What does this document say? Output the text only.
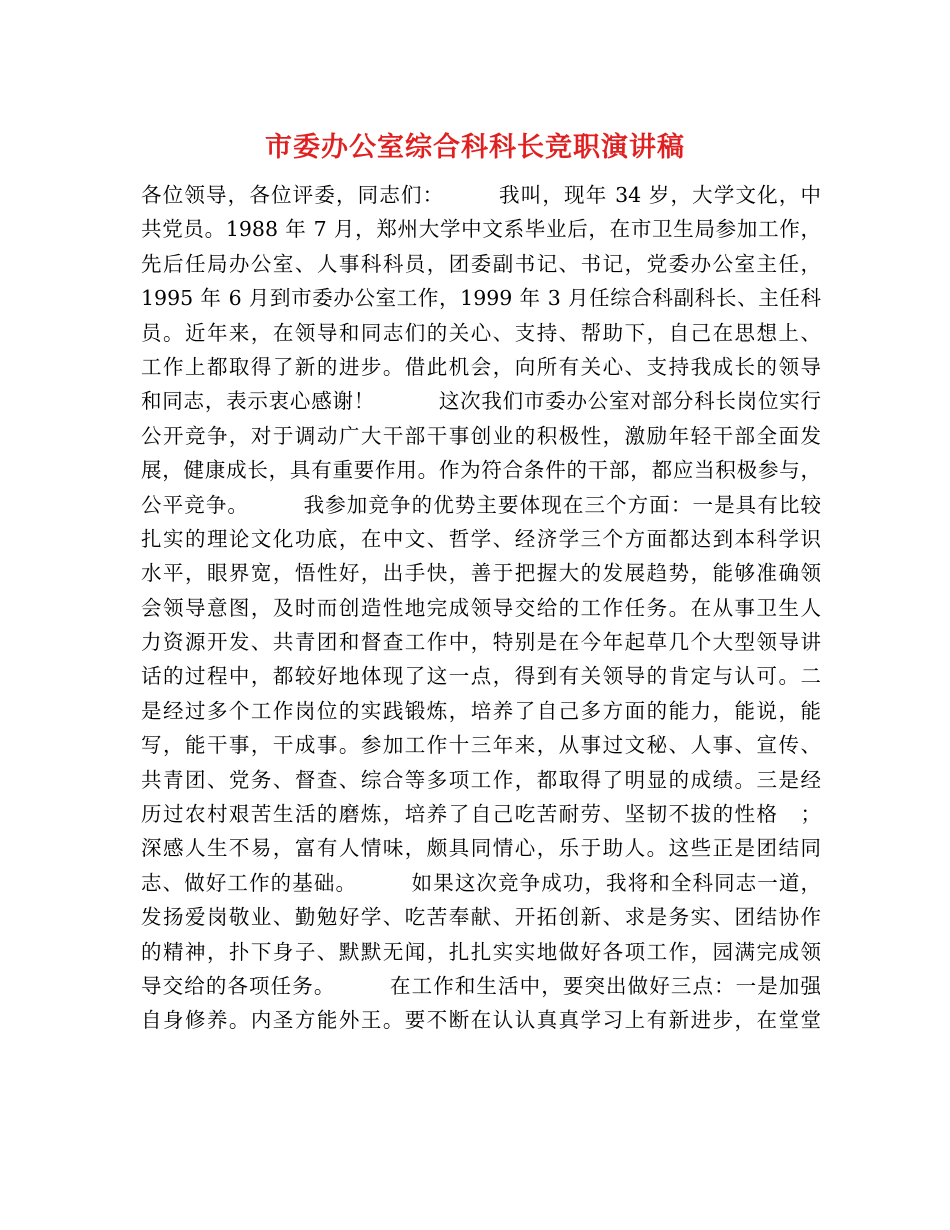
市委办公室综合科科长竞职演讲稿
各位领导，各位评委，同志们：　　　我叫，现年 34 岁，大学文化，中
共党员。1988 年 7 月，郑州大学中文系毕业后，在市卫生局参加工作，
先后任局办公室、人事科科员，团委副书记、书记，党委办公室主任，
1995 年 6 月到市委办公室工作，1999 年 3 月任综合科副科长、主任科
员。近年来，在领导和同志们的关心、支持、帮助下，自己在思想上、
工作上都取得了新的进步。借此机会，向所有关心、支持我成长的领导
和同志，表示衷心感谢！　　　这次我们市委办公室对部分科长岗位实行
公开竞争，对于调动广大干部干事创业的积极性，激励年轻干部全面发
展，健康成长，具有重要作用。作为符合条件的干部，都应当积极参与，
公平竞争。　　　我参加竞争的优势主要体现在三个方面：一是具有比较
扎实的理论文化功底，在中文、哲学、经济学三个方面都达到本科学识
水平，眼界宽，悟性好，出手快，善于把握大的发展趋势，能够准确领
会领导意图，及时而创造性地完成领导交给的工作任务。在从事卫生人
力资源开发、共青团和督查工作中，特别是在今年起草几个大型领导讲
话的过程中，都较好地体现了这一点，得到有关领导的肯定与认可。二
是经过多个工作岗位的实践锻炼，培养了自己多方面的能力，能说，能
写，能干事，干成事。参加工作十三年来，从事过文秘、人事、宣传、
共青团、党务、督查、综合等多项工作，都取得了明显的成绩。三是经
历过农村艰苦生活的磨炼，培养了自己吃苦耐劳、坚韧不拔的性格　；
深感人生不易，富有人情味，颇具同情心，乐于助人。这些正是团结同
志、做好工作的基础。　　　如果这次竞争成功，我将和全科同志一道，
发扬爱岗敬业、勤勉好学、吃苦奉献、开拓创新、求是务实、团结协作
的精神，扑下身子、默默无闻，扎扎实实地做好各项工作，园满完成领
导交给的各项任务。　　　在工作和生活中，要突出做好三点：一是加强
自身修养。内圣方能外王。要不断在认认真真学习上有新进步，在堂堂
